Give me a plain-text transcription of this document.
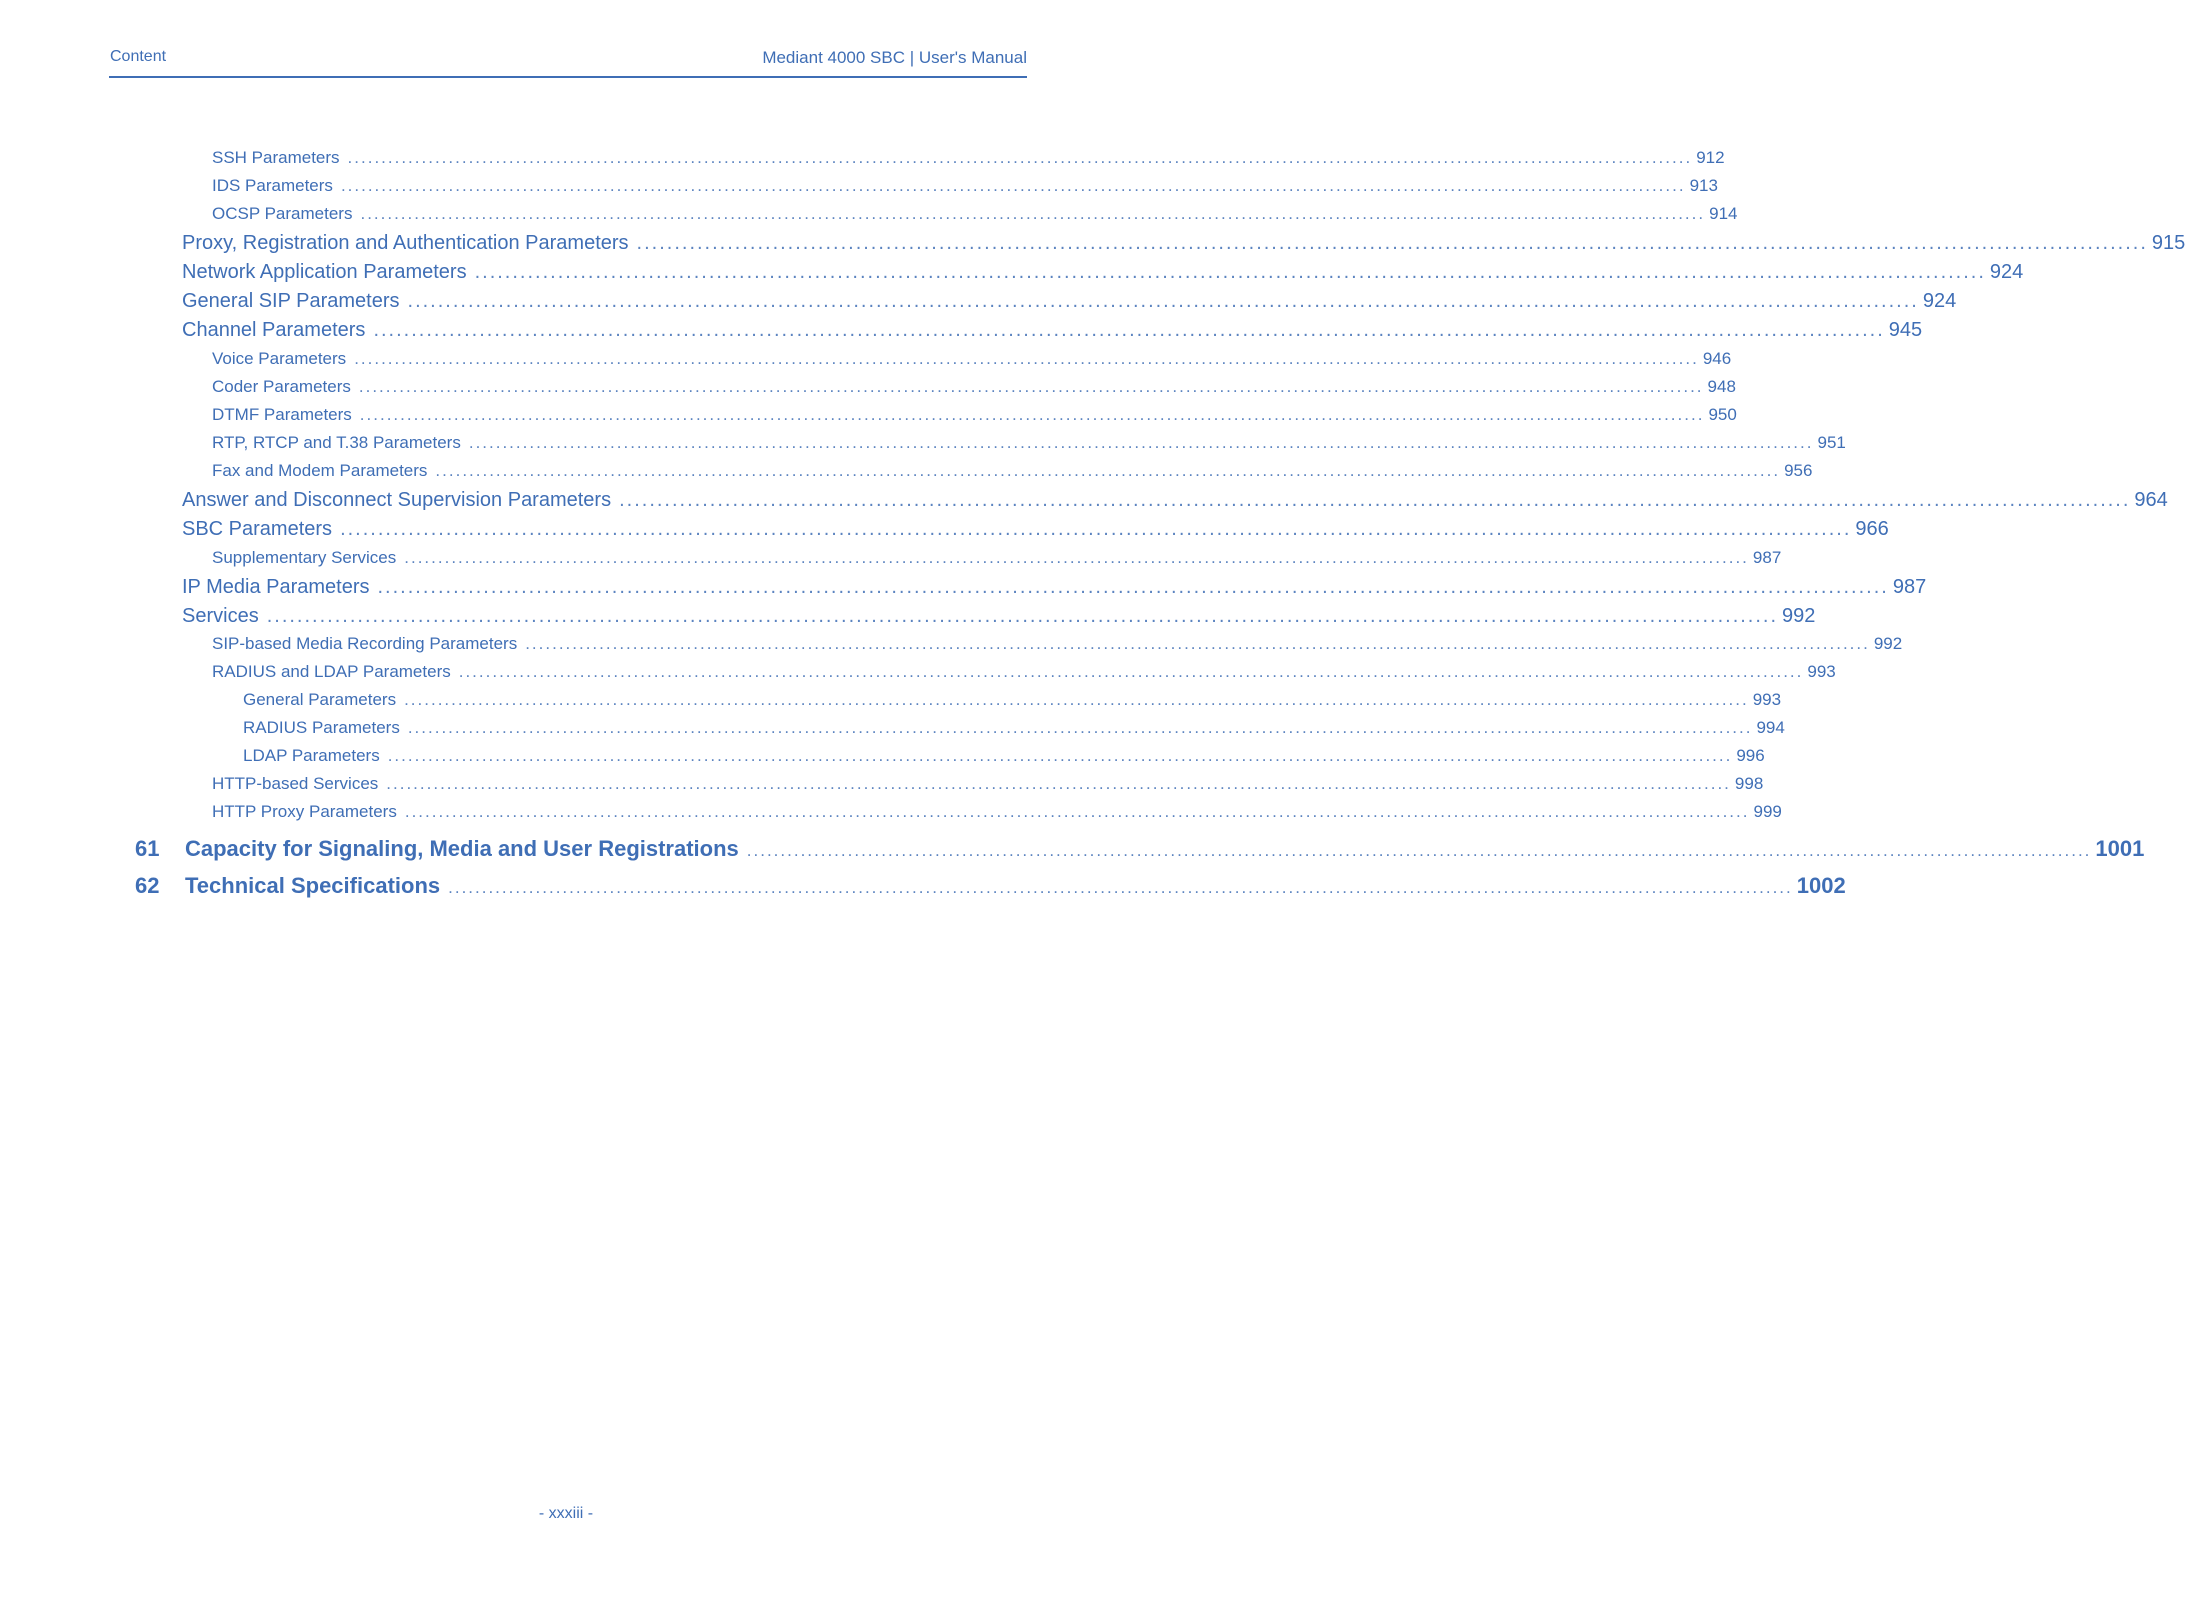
Content	Mediant 4000 SBC | User's Manual
SSH Parameters ........................................................................................................................................................................................................ 912
IDS Parameters ........................................................................................................................................................................................................ 913
OCSP Parameters ........................................................................................................................................................................................................ 914
Proxy, Registration and Authentication Parameters ........................................................................................................................................................................................................ 915
Network Application Parameters ........................................................................................................................................................................................................ 924
General SIP Parameters ........................................................................................................................................................................................................ 924
Channel Parameters ........................................................................................................................................................................................................ 945
Voice Parameters ........................................................................................................................................................................................................ 946
Coder Parameters ........................................................................................................................................................................................................ 948
DTMF Parameters ........................................................................................................................................................................................................ 950
RTP, RTCP and T.38 Parameters ........................................................................................................................................................................................................ 951
Fax and Modem Parameters ........................................................................................................................................................................................................ 956
Answer and Disconnect Supervision Parameters ........................................................................................................................................................................................................ 964
SBC Parameters ........................................................................................................................................................................................................ 966
Supplementary Services ........................................................................................................................................................................................................ 987
IP Media Parameters ........................................................................................................................................................................................................ 987
Services ........................................................................................................................................................................................................ 992
SIP-based Media Recording Parameters ........................................................................................................................................................................................................ 992
RADIUS and LDAP Parameters ........................................................................................................................................................................................................ 993
General Parameters ........................................................................................................................................................................................................ 993
RADIUS Parameters ........................................................................................................................................................................................................ 994
LDAP Parameters ........................................................................................................................................................................................................ 996
HTTP-based Services ........................................................................................................................................................................................................ 998
HTTP Proxy Parameters ........................................................................................................................................................................................................ 999
61	Capacity for Signaling, Media and User Registrations ........................................................................................................................................................................................................ 1001
62	Technical Specifications ........................................................................................................................................................................................................ 1002
- xxxiii -
